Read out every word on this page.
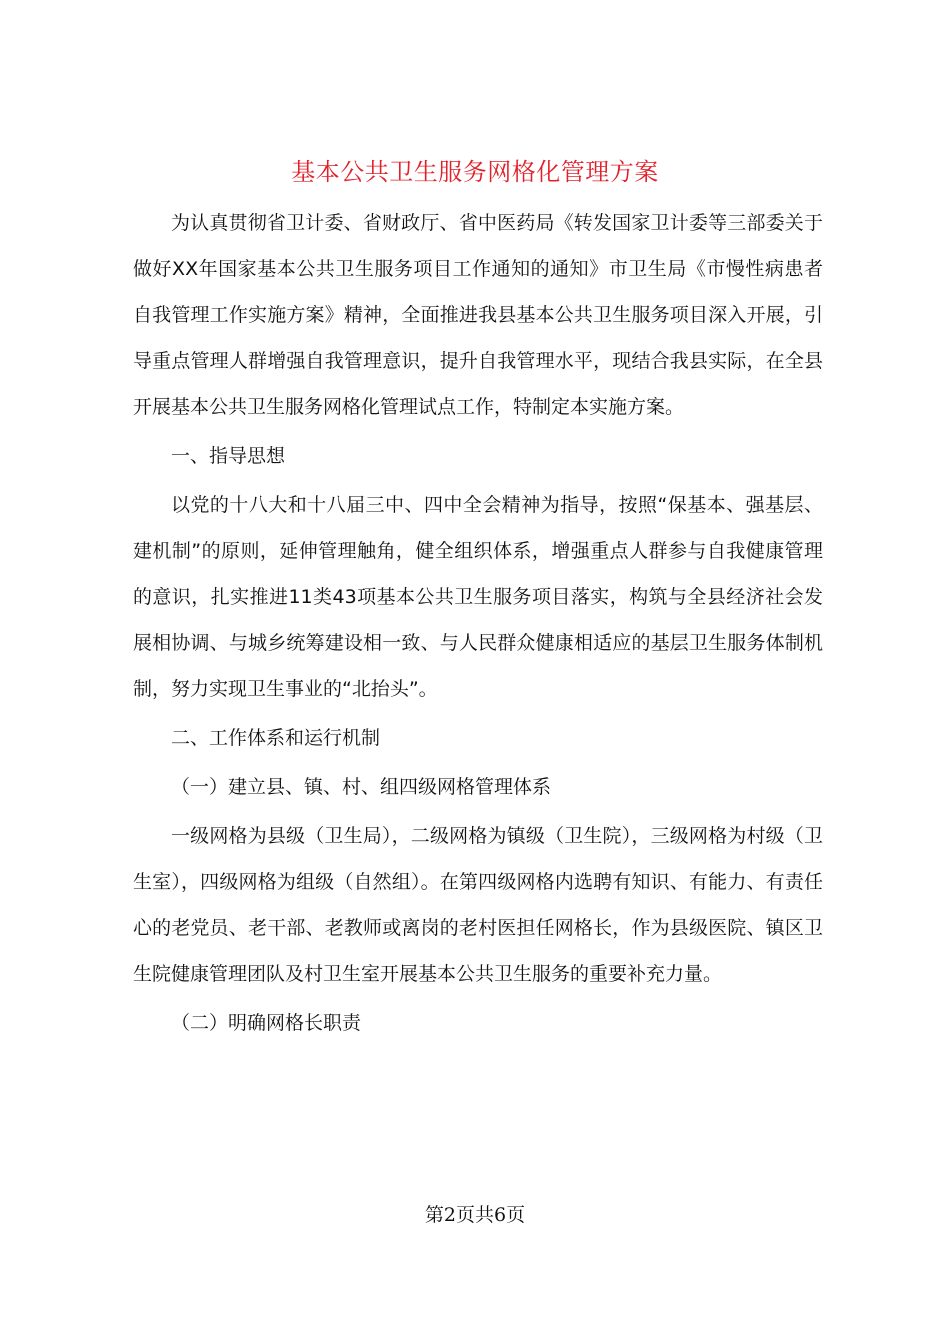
基本公共卫生服务网格化管理方案

为认真贯彻省卫计委、省财政厅、省中医药局《转发国家卫计委等三部委关于做好XX年国家基本公共卫生服务项目工作通知的通知》市卫生局《市慢性病患者自我管理工作实施方案》精神，全面推进我县基本公共卫生服务项目深入开展，引导重点管理人群增强自我管理意识，提升自我管理水平，现结合我县实际，在全县开展基本公共卫生服务网格化管理试点工作，特制定本实施方案。

一、指导思想

以党的十八大和十八届三中、四中全会精神为指导，按照“保基本、强基层、建机制”的原则，延伸管理触角，健全组织体系，增强重点人群参与自我健康管理的意识，扎实推进11类43项基本公共卫生服务项目落实，构筑与全县经济社会发展相协调、与城乡统筹建设相一致、与人民群众健康相适应的基层卫生服务体制机制，努力实现卫生事业的“北抬头”。

二、工作体系和运行机制

（一）建立县、镇、村、组四级网格管理体系

一级网格为县级（卫生局），二级网格为镇级（卫生院），三级网格为村级（卫生室），四级网格为组级（自然组）。在第四级网格内选聘有知识、有能力、有责任心的老党员、老干部、老教师或离岗的老村医担任网格长，作为县级医院、镇区卫生院健康管理团队及村卫生室开展基本公共卫生服务的重要补充力量。

（二）明确网格长职责

第2页共6页
